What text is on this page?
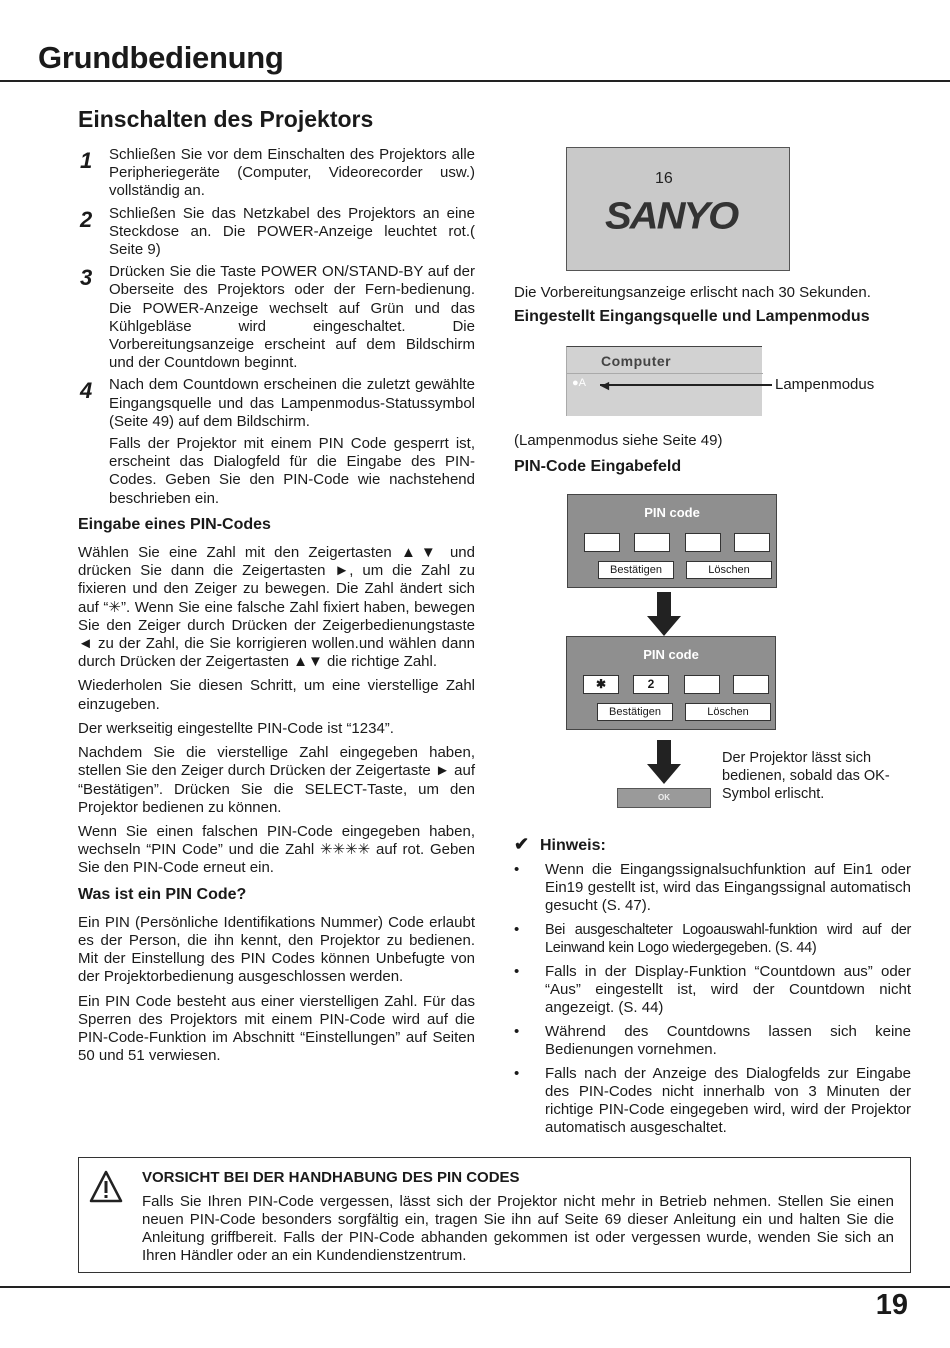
Grundbedienung
Einschalten des Projektors
1 Schließen Sie vor dem Einschalten des Projektors alle Peripheriegeräte (Computer, Videorecorder usw.) vollständig an.
2 Schließen Sie das Netzkabel des Projektors an eine Steckdose an. Die POWER-Anzeige leuchtet rot.( Seite 9)
3 Drücken Sie die Taste POWER ON/STAND-BY auf der Oberseite des Projektors oder der Fern-bedienung. Die POWER-Anzeige wechselt auf Grün und das Kühlgebläse wird eingeschaltet. Die Vorbereitungsanzeige erscheint auf dem Bildschirm und der Countdown beginnt.
4 Nach dem Countdown erscheinen die zuletzt gewählte Eingangsquelle und das Lampenmodus-Statussymbol (Seite 49) auf dem Bildschirm.
Falls der Projektor mit einem PIN Code gesperrt ist, erscheint das Dialogfeld für die Eingabe des PIN-Codes. Geben Sie den PIN-Code wie nachstehend beschrieben ein.
Eingabe eines PIN-Codes

Wählen Sie eine Zahl mit den Zeigertasten ▲▼ und drücken Sie dann die Zeigertasten ►, um die Zahl zu fixieren und den Zeiger zu bewegen. Die Zahl ändert sich auf “✳”. Wenn Sie eine falsche Zahl fixiert haben, bewegen Sie den Zeiger durch Drücken der Zeigerbedienungstaste ◄ zu der Zahl, die Sie korrigieren wollen.und wählen dann durch Drücken der Zeigertasten ▲▼ die richtige Zahl.

Wiederholen Sie diesen Schritt, um eine vierstellige Zahl einzugeben.

Der werkseitig eingestellte PIN-Code ist “1234”.

Nachdem Sie die vierstellige Zahl eingegeben haben, stellen Sie den Zeiger durch Drücken der Zeigertaste ► auf “Bestätigen”. Drücken Sie die SELECT-Taste, um den Projektor bedienen zu können.

Wenn Sie einen falschen PIN-Code eingegeben haben, wechseln “PIN Code” und die Zahl ✳✳✳✳ auf rot. Geben Sie den PIN-Code erneut ein.

Was ist ein PIN Code?

Ein PIN (Persönliche Identifikations Nummer) Code erlaubt es der Person, die ihn kennt, den Projektor zu bedienen. Mit der Einstellung des PIN Codes können Unbefugte von der Projektorbedienung ausgeschlossen werden.

Ein PIN Code besteht aus einer vierstelligen Zahl. Für das Sperren des Projektors mit einem PIN-Code wird auf die PIN-Code-Funktion im Abschnitt “Einstellungen” auf Seiten 50 und 51 verwiesen.

16
SANYO
Die Vorbereitungsanzeige erlischt nach 30 Sekunden.
Eingestellt Eingangsquelle und Lampenmodus
Computer
●A ◄	Lampenmodus
(Lampenmodus siehe Seite 49)
PIN-Code Eingabefeld
PIN code
Bestätigen	Löschen
PIN code
✱	2
Bestätigen	Löschen
OK
Der Projektor lässt sich bedienen, sobald das OK-Symbol erlischt.
✔ Hinweis:
• Wenn die Eingangssignalsuchfunktion auf Ein1 oder Ein19 gestellt ist, wird das Eingangssignal automatisch gesucht (S. 47).
• Bei ausgeschalteter Logoauswahl-funktion wird auf der Leinwand kein Logo wiedergegeben. (S. 44)
• Falls in der Display-Funktion “Countdown aus” oder “Aus” eingestellt ist, wird der Countdown nicht angezeigt. (S. 44)
• Während des Countdowns lassen sich keine Bedienungen vornehmen.
• Falls nach der Anzeige des Dialogfelds zur Eingabe des PIN-Codes nicht innerhalb von 3 Minuten der richtige PIN-Code eingegeben wird, wird der Projektor automatisch ausgeschaltet.
VORSICHT BEI DER HANDHABUNG DES PIN CODES
Falls Sie Ihren PIN-Code vergessen, lässt sich der Projektor nicht mehr in Betrieb nehmen. Stellen Sie einen neuen PIN-Code besonders sorgfältig ein, tragen Sie ihn auf Seite 69 dieser Anleitung ein und halten Sie die Anleitung griffbereit. Falls der PIN-Code abhanden gekommen ist oder vergessen wurde, wenden Sie sich an Ihren Händler oder an ein Kundendienstzentrum.
19
